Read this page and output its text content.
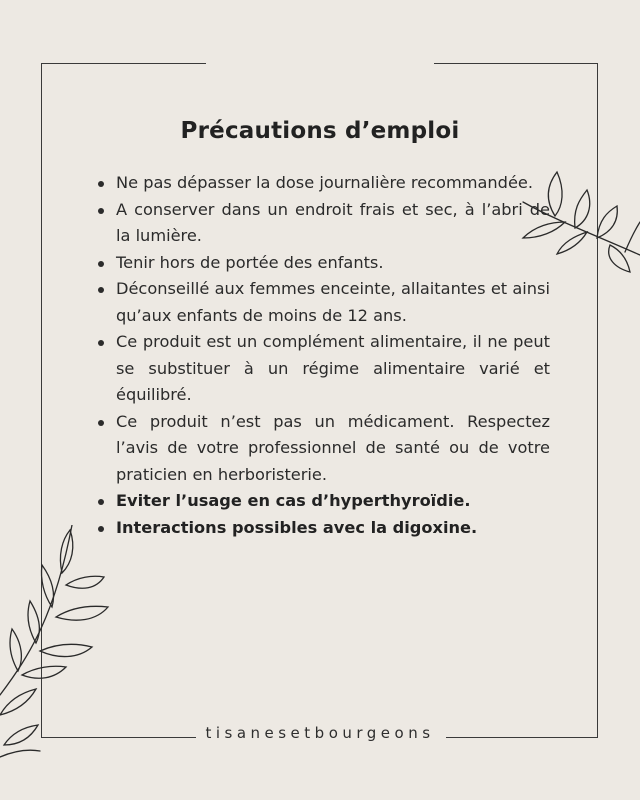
Précautions d’emploi
Ne pas dépasser la dose journalière recommandée.
A conserver dans un endroit frais et sec, à l’abri de la lumière.
Tenir hors de portée des enfants.
Déconseillé aux femmes enceinte, allaitantes et ainsi qu’aux enfants de moins de 12 ans.
Ce produit est un complément alimentaire, il ne peut se substituer à un régime alimentaire varié et équilibré.
Ce produit n’est pas un médicament. Respectez l’avis de votre professionnel de santé ou de votre praticien en herboristerie.
Eviter l’usage en cas d’hyperthyroïdie.
Interactions possibles avec la digoxine.
tisanesetbourgeons
